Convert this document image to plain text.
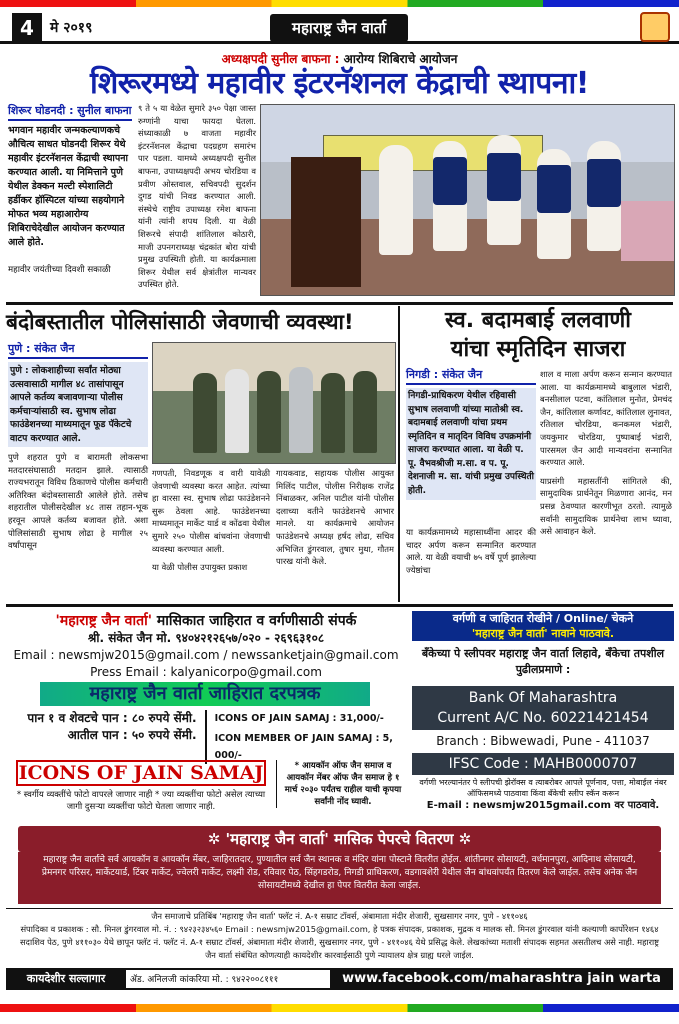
4	मे २०१९	महाराष्ट्र जैन वार्ता
अध्यक्षपदी सुनील बाफना : आरोग्य शिबिराचे आयोजन
शिरूरमध्ये महावीर इंटरनॅशनल केंद्राची स्थापना!
शिरूर घोडनदी : सुनील बाफना
भगवान महावीर जन्मकल्याणकचे औचित्य साधत घोडनदी शिरूर येथे महावीर इंटरनॅशनल केंद्राची स्थापना करण्यात आली. या निमित्ताने पुणे येथील डेक्कन मल्टी स्पेशालिटी हर्डीकर हॉस्पिटल यांच्या सहयोगाने मोफत भव्य महाआरोग्य शिबिराचेदेखील आयोजन करण्यात आले होते.
महावीर जयंतीच्या दिवशी सकाळी
९ ते ५ या वेळेत सुमारे ३५० पेक्षा जास्त रुग्णांनी याचा फायदा घेतला. संध्याकाळी ७ वाजता महावीर इंटरनॅशनल केंद्राचा पदग्रहण समारंभ पार पडला. यामध्ये अध्यक्षपदी सुनील बाफना, उपाध्यक्षपदी अभय चोरडिया व प्रवीण ओस्तवाल, सचिवपदी सुदर्शन दुगड यांची निवड करण्यात आली. संस्थेचे राष्ट्रीय उपाध्यक्ष रमेश बाफना यांनी त्यांनी शपथ दिली. या वेळी शिरूरचे संपादी शांतिलाल कोठारी, माजी उपनगराध्यक्ष चंद्रकांत बोरा यांची प्रमुख उपस्थिती होती. या कार्यक्रमाला शिरूर येथील सर्व क्षेत्रांतील मान्यवर उपस्थित होते.
बंदोबस्तातील पोलिसांसाठी जेवणाची व्यवस्था!
पुणे : संकेत जैन
पुणे : लोकशाहीच्या सर्वांत मोठ्या उत्सवासाठी मागील ४८ तासांपासून आपले कर्तव्य बजावणाऱ्या पोलीस कर्मचाऱ्यांसाठी स्व. सुभाष लोढा फाउंडेशनच्या माध्यमातून फूड पॅकेटचे वाटप करण्यात आले.
पुणे शहरात पुणे व बारामती लोकसभा मतदारसंघासाठी मतदान झाले. त्यासाठी राज्यभरातून विविध ठिकाणचे पोलीस कर्मचारी अतिरिक्त बंदोबस्तासाठी आलेले होते. तसेच शहरातील पोलीसदेखील ४८ तास तहान-भूक हरवून आपले कर्तव्य बजावत होते. अशा पोलिसांसाठी सुभाष लोढा हे मागील २५ वर्षांपासून
गणपती, निवडणूक व वारी यावेळी जेवणाची व्यवस्था करत आहेत. त्यांच्या हा वारसा स्व. सुभाष लोढा फाउंडेशनने सुरू ठेवला आहे. फाउंडेशनच्या माध्यमातून मार्केट यार्ड व कोंढवा येथील सुमारे २५० पोलीस बांधवांना जेवणाची व्यवस्था करण्यात आली.
या वेळी पोलीस उपायुक्त प्रकाश
गायकवाड, सहायक पोलीस आयुक्त मिलिंद पाटील, पोलीस निरीक्षक राजेंद्र निंबाळकर, अनिल पाटील यांनी पोलीस दलाच्या वतीने फाउंडेशनचे आभार मानले. या कार्यक्रमाचे आयोजन फाउंडेशनचे अध्यक्ष हर्षद लोढा, सचिव अभिजित डुंगरवाल, तुषार मुथा, गौतम पारख यांनी केले.
स्व. बदामबाई ललवाणी
यांचा स्मृतिदिन साजरा
निगडी : संकेत जैन
निगडी-प्राधिकरण येथील रहिवासी सुभाष ललवाणी यांच्या मातोश्री स्व. बदामबाई ललवाणी यांचा प्रथम स्मृतिदिन व मातृदिन विविध उपक्रमांनी साजरा करण्यात आला. या वेळी प. पू. वैभवश्रीजी म.सा. व प. पू. देशनाजी म. सा. यांची प्रमुख उपस्थिती होती.
या कार्यक्रमामध्ये महासाध्वींना आदर की चादर अर्पण करून सन्मानित करण्यात आले. या वेळी वयाची ७५ वर्षे पूर्ण झालेल्या ज्येष्ठांचा
शाल व माला अर्पण करून सन्मान करण्यात आला. या कार्यक्रमामध्ये बाबुलाल भंडारी, बनसीलाल पटवा, कांतिलाल मुनोत, प्रेमचंद जैन, कांतिलाल कर्णावट, कांतिलाल लुनावत, रतिलाल चोरडिया, कनकमल भंडारी, जयकुमार चोरडिया, पुष्पाबाई भंडारी, पारसमल जैन आदी मान्यवरांना सन्मानित करण्यात आले.
याप्रसंगी महासतींनी सांगितले की, सामुदायिक प्रार्थनेतून मिळणारा आनंद, मन प्रसन्न ठेवण्यात कारणीभूत ठरतो. त्यामुळे सर्वांनी सामुदायिक प्रार्थनेचा लाभ घ्यावा, असे आवाहन केले.
'महाराष्ट्र जैन वार्ता' मासिकात जाहिरात व वर्गणीसाठी संपर्क
श्री. संकेत जैन मो. ९४०४२१२६५७/०२० - २६९६३१०८
Email : newsmjw2015@gmail.com / newssanketjain@gmail.com
Press Email : kalyanicorpo@gmail.com
महाराष्ट्र जैन वार्ता जाहिरात दरपत्रक
पान १ व शेवटचे पान : ८० रुपये सेंमी.
आतील पान : ५० रुपये सेंमी.
ICONS OF JAIN SAMAJ : 31,000/-
ICON MEMBER OF JAIN SAMAJ : 5, 000/-
ICONS OF JAIN SAMAJ
* स्वर्गीय व्यक्तींचे फोटो वापरले जाणार नाही * ज्या व्यक्तींचा फोटो असेल त्याच्या जागी दुसऱ्या व्यक्तींचा फोटो घेतला जाणार नाही.
* आयकॉन ऑफ जैन समाज व आयकॉन मेंबर ऑफ जैन समाज हे १ मार्च २०३० पर्यंतच राहील याची कृपया सर्वांनी नोंद घ्यावी.
वर्गणी व जाहिरात रोखीने / Online/ चेकने
'महाराष्ट्र जैन वार्ता' नावाने पाठवावे.
बँकेच्या पे स्लीपवर महाराष्ट्र जैन वार्ता लिहावे, बँकेचा तपशील पुढीलप्रमाणे :
Bank Of Maharashtra
Current A/C No. 60221421454
Branch : Bibwewadi, Pune - 411037
IFSC Code : MAHB0000707
वर्गणी भरल्यानंतर पे स्लीपची झेरॉक्स व त्याबरोबर आपले पूर्णनाव, पत्ता, मोबाईल नंबर ऑफिसमध्ये पाठवावा किंवा बँकेची स्लीप स्कॅन करून
E-mail : newsmjw2015gmail.com वर पाठवावे.
✲ 'महाराष्ट्र जैन वार्ता' मासिक पेपरचे वितरण ✲
महाराष्ट्र जैन वार्ताचे सर्व आयकॉन व आयकॉन मेंबर, जाहिरातदार, पुण्यातील सर्व जैन स्थानक व मंदिर यांना पोस्टाने वितरीत होईल. शांतीनगर सोसायटी, वर्धमानपुरा, आदिनाथ सोसायटी, प्रेमनगर परिसर, मार्केटयार्ड, टिंबर मार्केट, ज्वेलरी मार्केट, लक्ष्मी रोड, रविवार पेठ, सिंहगडरोड, निगडी प्राधिकरण, वडगावशेरी येथील जैन बांधवांपर्यंत वितरण केले जाईल. तसेच अनेक जैन सोसायटीमध्ये देखील हा पेपर वितरीत केला जाईल.
जैन समाजाचे प्रतिबिंब 'महाराष्ट्र जैन वार्ता' फ्लॅट नं. A-१ सम्राट टॉवर्स, अंबामाता मंदीर शेजारी, सुखसागर नगर, पुणे - ४११०४६
संपादिका व प्रकाशक : सौ. मिनल डुंगरवाल मो. नं. : ९४२३२३४५६० Email : newsmjw2015@gmail.com, हे पत्रक संपादक, प्रकाशक, मुद्रक व मालक सौ. मिनल डुंगरवाल यांनी कल्याणी कार्पोरेशन १४६४ सदाशिव पेठ, पुणे ४११०३० येथे छापून फ्लॅट नं. फ्लॅट नं. A-१ सम्राट टॉवर्स, अंबामाता मंदीर शेजारी, सुखसागर नगर, पुणे - ४११०४६ येथे प्रसिद्ध केले. लेखकांच्या मताशी संपादक सहमत असतीलच असे नाही. महाराष्ट्र जैन वार्ता संबंधित कोणत्याही कायदेशीर कारवाईसाठी पुणे न्यायालय क्षेत्र ग्राह्य धरले जाईल.
कायदेशीर सल्लागार	ॲड. अनिलजी कांकरिया मो. : ९४२२००८१११	www.facebook.com/maharashtra jain warta
